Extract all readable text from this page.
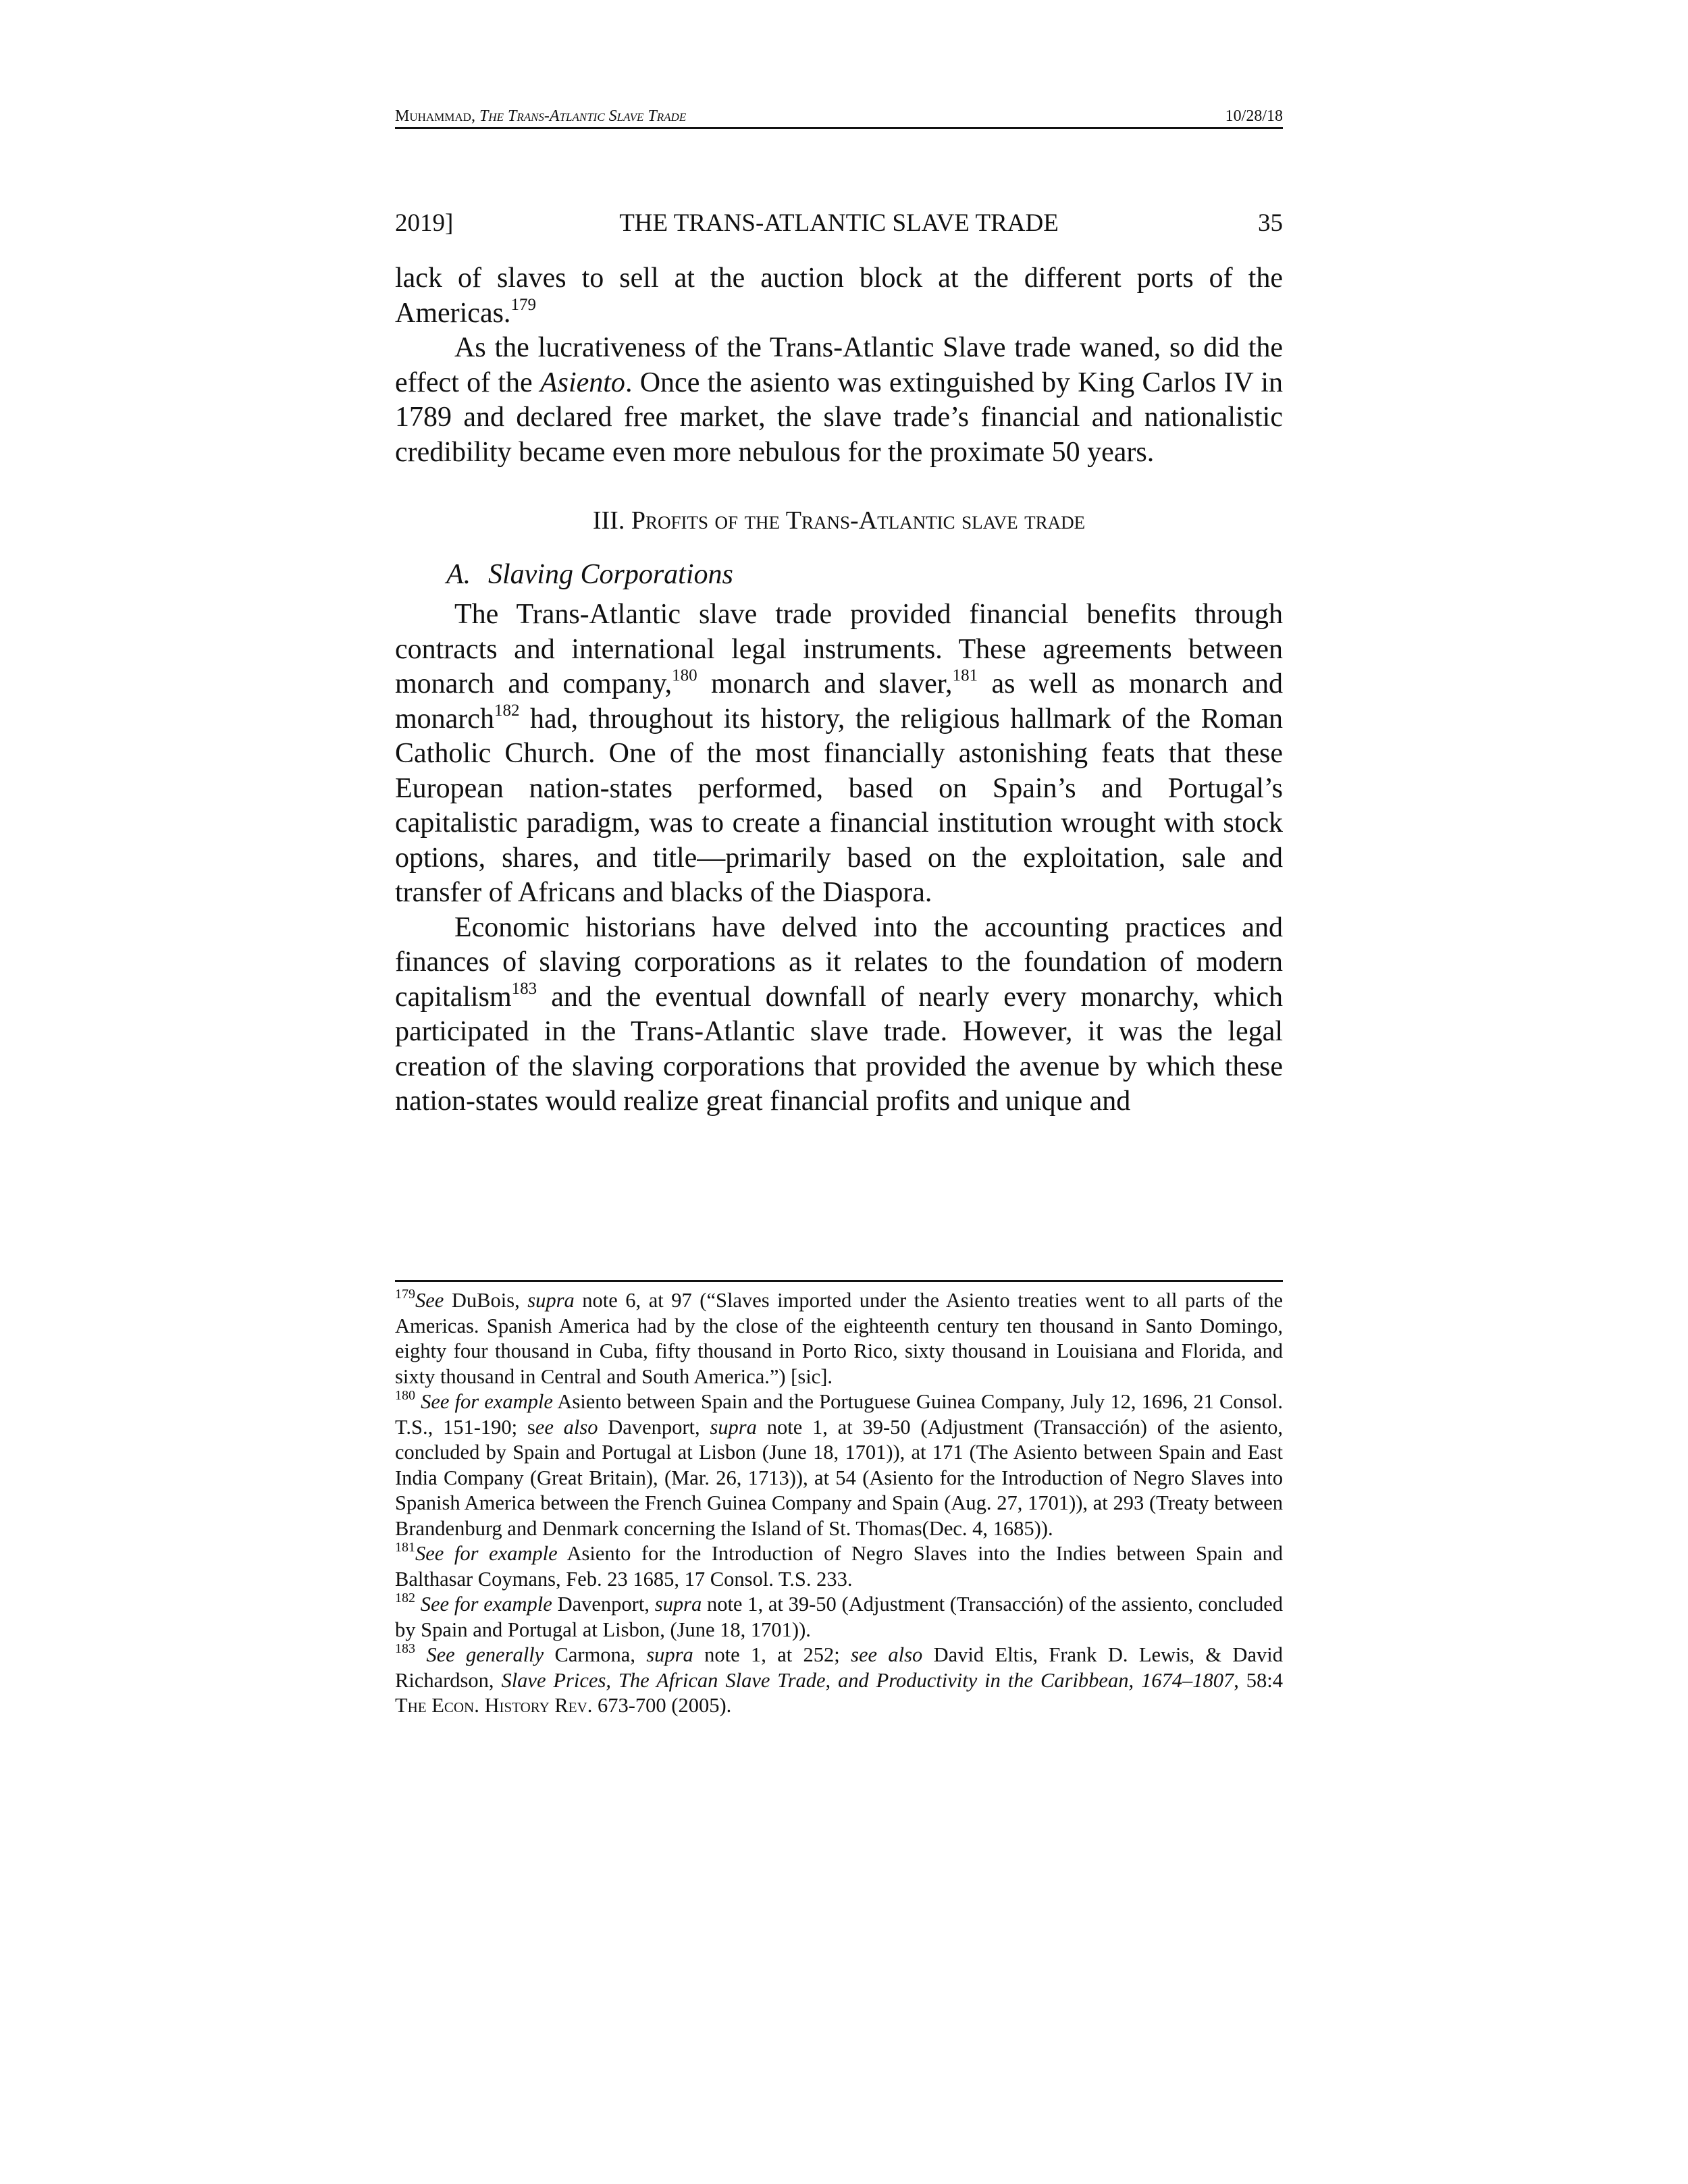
Muhammad, The Trans-Atlantic Slave Trade	10/28/18
2019]	THE TRANS-ATLANTIC SLAVE TRADE	35

lack of slaves to sell at the auction block at the different ports of the Americas.$^{179}$

As the lucrativeness of the Trans-Atlantic Slave trade waned, so did the effect of the Asiento. Once the asiento was extinguished by King Carlos IV in 1789 and declared free market, the slave trade’s financial and nationalistic credibility became even more nebulous for the proximate 50 years.

III. Profits of the Trans-Atlantic slave trade
A. Slaving Corporations

The Trans-Atlantic slave trade provided financial benefits through contracts and international legal instruments. These agreements between monarch and company,$^{180}$ monarch and slaver,$^{181}$ as well as monarch and monarch$^{182}$ had, throughout its history, the religious hallmark of the Roman Catholic Church. One of the most financially astonishing feats that these European nation-states performed, based on Spain’s and Portugal’s capitalistic paradigm, was to create a financial institution wrought with stock options, shares, and title—primarily based on the exploitation, sale and transfer of Africans and blacks of the Diaspora.

Economic historians have delved into the accounting practices and finances of slaving corporations as it relates to the foundation of modern capitalism$^{183}$ and the eventual downfall of nearly every monarchy, which participated in the Trans-Atlantic slave trade. However, it was the legal creation of the slaving corporations that provided the avenue by which these nation-states would realize great financial profits and unique and

$^{179}$See DuBois, supra note 6, at 97 (“Slaves imported under the Asiento treaties went to all parts of the Americas. Spanish America had by the close of the eighteenth century ten thousand in Santo Domingo, eighty four thousand in Cuba, fifty thousand in Porto Rico, sixty thousand in Louisiana and Florida, and sixty thousand in Central and South America.”) [sic].

$^{180}$ See for example Asiento between Spain and the Portuguese Guinea Company, July 12, 1696, 21 Consol. T.S., 151-190; see also Davenport, supra note 1, at 39-50 (Adjustment (Transacción) of the asiento, concluded by Spain and Portugal at Lisbon (June 18, 1701)), at 171 (The Asiento between Spain and East India Company (Great Britain), (Mar. 26, 1713)), at 54 (Asiento for the Introduction of Negro Slaves into Spanish America between the French Guinea Company and Spain (Aug. 27, 1701)), at 293 (Treaty between Brandenburg and Denmark concerning the Island of St. Thomas(Dec. 4, 1685)).

$^{181}$See for example Asiento for the Introduction of Negro Slaves into the Indies between Spain and Balthasar Coymans, Feb. 23 1685, 17 Consol. T.S. 233.

$^{182}$ See for example Davenport, supra note 1, at 39-50 (Adjustment (Transacción) of the assiento, concluded by Spain and Portugal at Lisbon, (June 18, 1701)).

$^{183}$ See generally Carmona, supra note 1, at 252; see also David Eltis, Frank D. Lewis, & David Richardson, Slave Prices, The African Slave Trade, and Productivity in the Caribbean, 1674–1807, 58:4 The Econ. History Rev. 673-700 (2005).
